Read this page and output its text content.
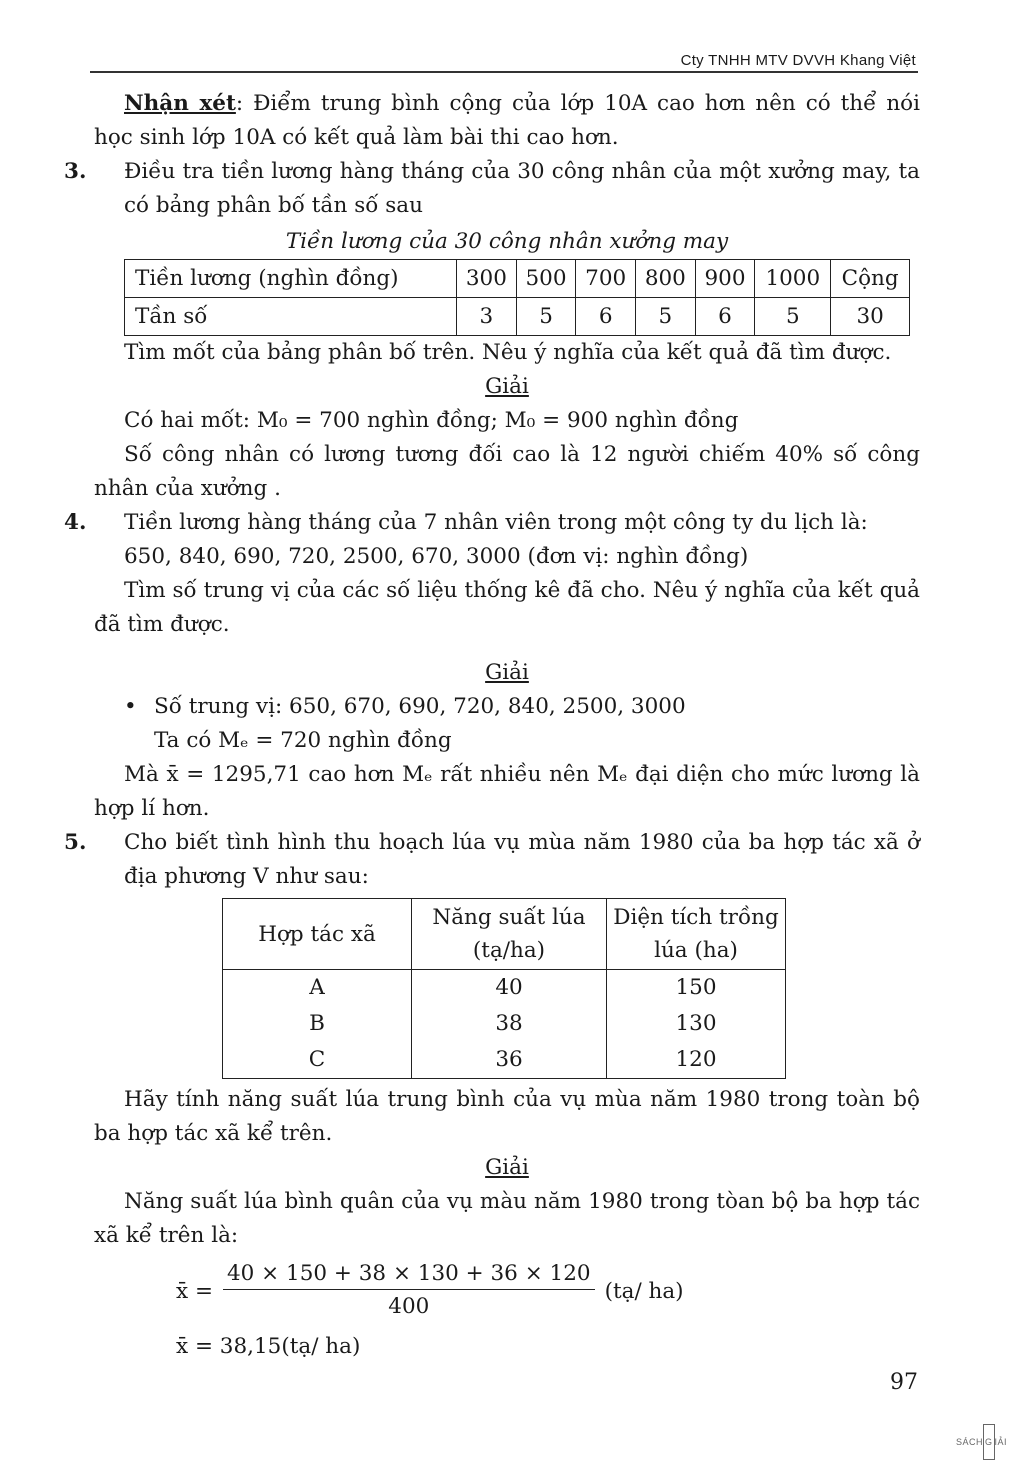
Cty TNHH MTV DVVH Khang Việt

Nhận xét: Điểm trung bình cộng của lớp 10A cao hơn nên có thể nói học sinh lớp 10A có kết quả làm bài thi cao hơn.

3. Điều tra tiền lương hàng tháng của 30 công nhân của một xưởng may, ta có bảng phân bố tần số sau

Tiền lương của 30 công nhân xưởng may

Tiền lương (nghìn đồng)	300	500	700	800	900	1000	Cộng
Tần số	3	5	6	5	6	5	30

Tìm mốt của bảng phân bố trên. Nêu ý nghĩa của kết quả đã tìm được.

Giải

Có hai mốt: M₀ = 700 nghìn đồng; M₀ = 900 nghìn đồng

Số công nhân có lương tương đối cao là 12 người chiếm 40% số công nhân của xưởng .

4. Tiền lương hàng tháng của 7 nhân viên trong một công ty du lịch là:

650, 840, 690, 720, 2500, 670, 3000 (đơn vị: nghìn đồng)

Tìm số trung vị của các số liệu thống kê đã cho. Nêu ý nghĩa của kết quả đã tìm được.

Giải

• Số trung vị: 650, 670, 690, 720, 840, 2500, 3000

Ta có Mₑ = 720 nghìn đồng

Mà x̄ = 1295,71 cao hơn Mₑ rất nhiều nên Mₑ đại diện cho mức lương là hợp lí hơn.

5. Cho biết tình hình thu hoạch lúa vụ mùa năm 1980 của ba hợp tác xã ở địa phương V như sau:

Hợp tác xã	Năng suất lúa (tạ/ha)	Diện tích trồng lúa (ha)
A	40	150
B	38	130
C	36	120

Hãy tính năng suất lúa trung bình của vụ mùa năm 1980 trong toàn bộ ba hợp tác xã kể trên.

Giải

Năng suất lúa bình quân của vụ màu năm 1980 trong tòan bộ ba hợp tác xã kể trên là:

x̄ = $\frac{40 \times 150 + 38 \times 130 + 36 \times 120}{400}$ (tạ/ ha)

x̄ = 38,15(tạ/ ha)

97
SÁCH G IẢI
